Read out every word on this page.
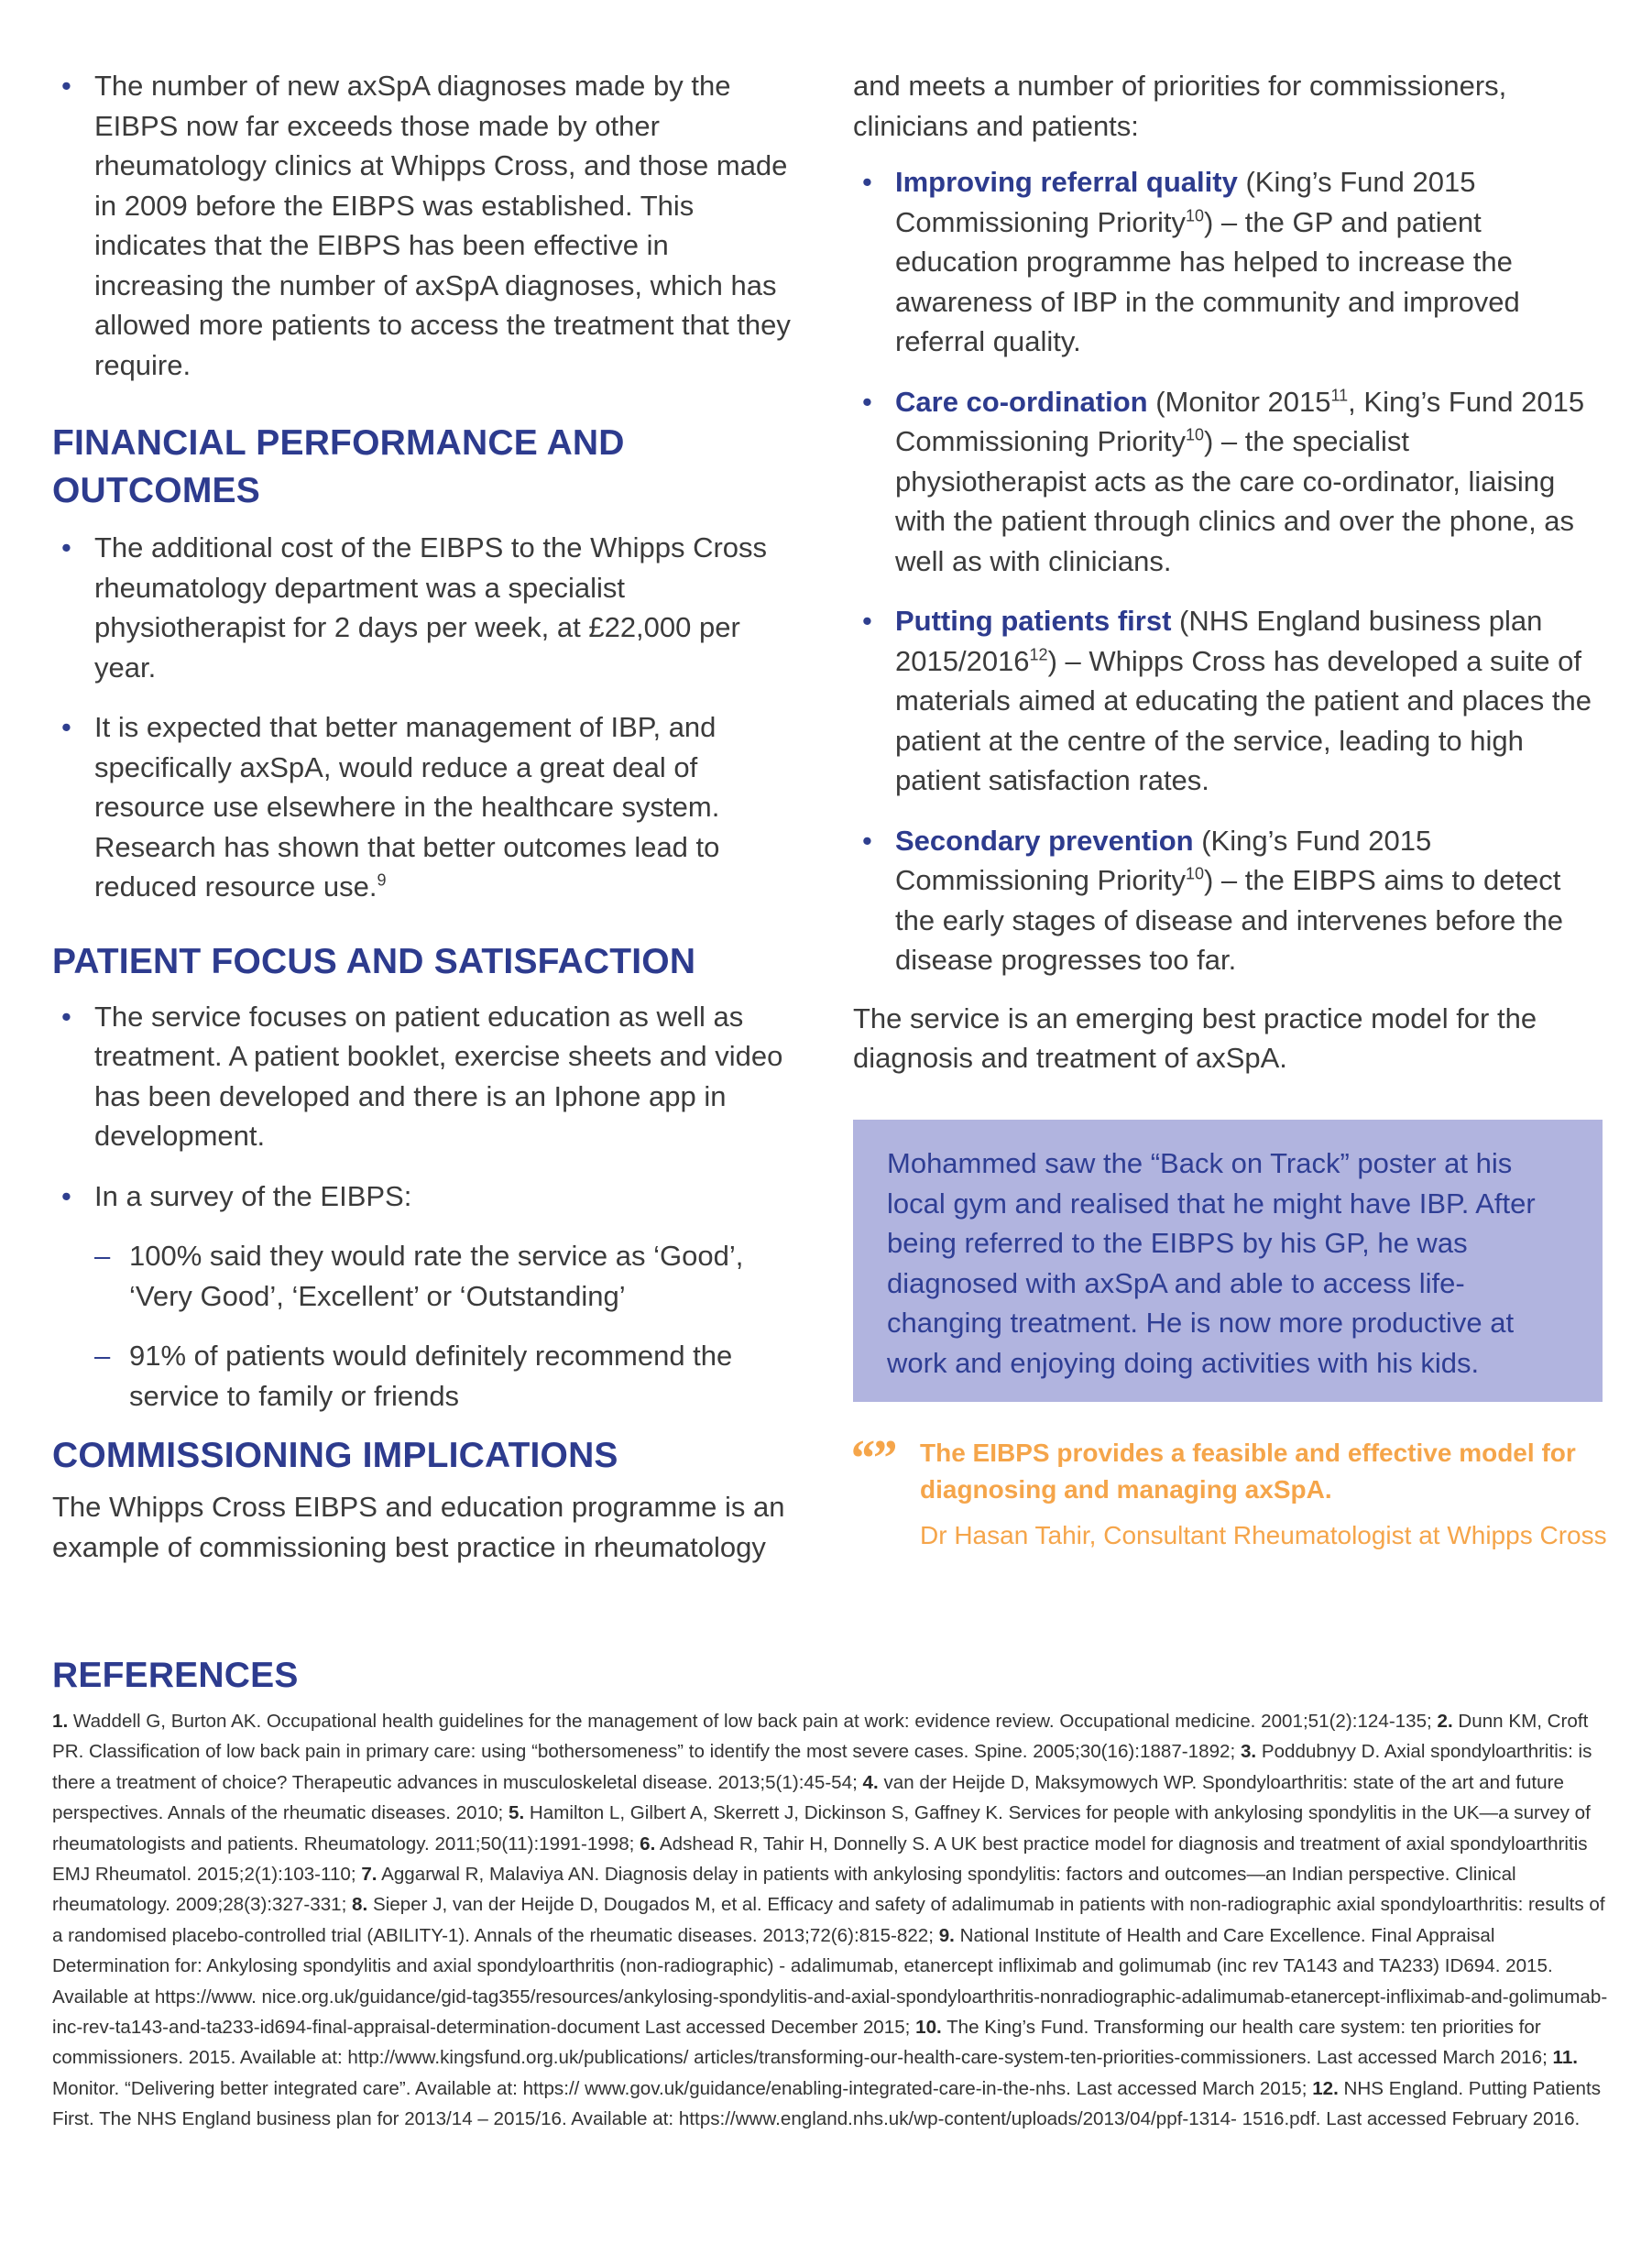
• The number of new axSpA diagnoses made by the EIBPS now far exceeds those made by other rheumatology clinics at Whipps Cross, and those made in 2009 before the EIBPS was established. This indicates that the EIBPS has been effective in increasing the number of axSpA diagnoses, which has allowed more patients to access the treatment that they require.
FINANCIAL PERFORMANCE AND OUTCOMES
• The additional cost of the EIBPS to the Whipps Cross rheumatology department was a specialist physiotherapist for 2 days per week, at £22,000 per year.
• It is expected that better management of IBP, and specifically axSpA, would reduce a great deal of resource use elsewhere in the healthcare system. Research has shown that better outcomes lead to reduced resource use.$^9$
PATIENT FOCUS AND SATISFACTION
• The service focuses on patient education as well as treatment. A patient booklet, exercise sheets and video has been developed and there is an Iphone app in development.
• In a survey of the EIBPS:
– 100% said they would rate the service as ‘Good’, ‘Very Good’, ‘Excellent’ or ‘Outstanding’
– 91% of patients would definitely recommend the service to family or friends
COMMISSIONING IMPLICATIONS

The Whipps Cross EIBPS and education programme is an example of commissioning best practice in rheumatology

and meets a number of priorities for commissioners, clinicians and patients:

• Improving referral quality (King’s Fund 2015 Commissioning Priority$^{10}$) – the GP and patient education programme has helped to increase the awareness of IBP in the community and improved referral quality.
• Care co-ordination (Monitor 2015$^{11}$, King’s Fund 2015 Commissioning Priority$^{10}$) – the specialist physiotherapist acts as the care co-ordinator, liaising with the patient through clinics and over the phone, as well as with clinicians.
• Putting patients first (NHS England business plan 2015/2016$^{12}$) – Whipps Cross has developed a suite of materials aimed at educating the patient and places the patient at the centre of the service, leading to high patient satisfaction rates.
• Secondary prevention (King’s Fund 2015 Commissioning Priority$^{10}$) – the EIBPS aims to detect the early stages of disease and intervenes before the disease progresses too far.

The service is an emerging best practice model for the diagnosis and treatment of axSpA.

Mohammed saw the “Back on Track” poster at his local gym and realised that he might have IBP. After being referred to the EIBPS by his GP, he was diagnosed with axSpA and able to access life-changing treatment. He is now more productive at work and enjoying doing activities with his kids.
“” The EIBPS provides a feasible and effective model for diagnosing and managing axSpA.
Dr Hasan Tahir, Consultant Rheumatologist at Whipps Cross
REFERENCES
1. Waddell G, Burton AK. Occupational health guidelines for the management of low back pain at work: evidence review. Occupational medicine. 2001;51(2):124-135; 2. Dunn KM, Croft PR. Classification of low back pain in primary care: using “bothersomeness” to identify the most severe cases. Spine. 2005;30(16):1887-1892; 3. Poddubnyy D. Axial spondyloarthritis: is there a treatment of choice? Therapeutic advances in musculoskeletal disease. 2013;5(1):45-54; 4. van der Heijde D, Maksymowych WP. Spondyloarthritis: state of the art and future perspectives. Annals of the rheumatic diseases. 2010; 5. Hamilton L, Gilbert A, Skerrett J, Dickinson S, Gaffney K. Services for people with ankylosing spondylitis in the UK—a survey of rheumatologists and patients. Rheumatology. 2011;50(11):1991-1998; 6. Adshead R, Tahir H, Donnelly S. A UK best practice model for diagnosis and treatment of axial spondyloarthritis EMJ Rheumatol. 2015;2(1):103-110; 7. Aggarwal R, Malaviya AN. Diagnosis delay in patients with ankylosing spondylitis: factors and outcomes—an Indian perspective. Clinical rheumatology. 2009;28(3):327-331; 8. Sieper J, van der Heijde D, Dougados M, et al. Efficacy and safety of adalimumab in patients with non-radiographic axial spondyloarthritis: results of a randomised placebo-controlled trial (ABILITY-1). Annals of the rheumatic diseases. 2013;72(6):815-822; 9. National Institute of Health and Care Excellence. Final Appraisal Determination for: Ankylosing spondylitis and axial spondyloarthritis (non-radiographic) - adalimumab, etanercept infliximab and golimumab (inc rev TA143 and TA233) ID694. 2015. Available at https://www. nice.org.uk/guidance/gid-tag355/resources/ankylosing-spondylitis-and-axial-spondyloarthritis-nonradiographic-adalimumab-etanercept-infliximab-and-golimumab-inc-rev-ta143-and-ta233-id694-final-appraisal-determination-document Last accessed December 2015; 10. The King’s Fund. Transforming our health care system: ten priorities for commissioners. 2015. Available at: http://www.kingsfund.org.uk/publications/ articles/transforming-our-health-care-system-ten-priorities-commissioners. Last accessed March 2016; 11. Monitor. “Delivering better integrated care”. Available at: https:// www.gov.uk/guidance/enabling-integrated-care-in-the-nhs. Last accessed March 2015; 12. NHS England. Putting Patients First. The NHS England business plan for 2013/14 – 2015/16. Available at: https://www.england.nhs.uk/wp-content/uploads/2013/04/ppf-1314- 1516.pdf. Last accessed February 2016.
